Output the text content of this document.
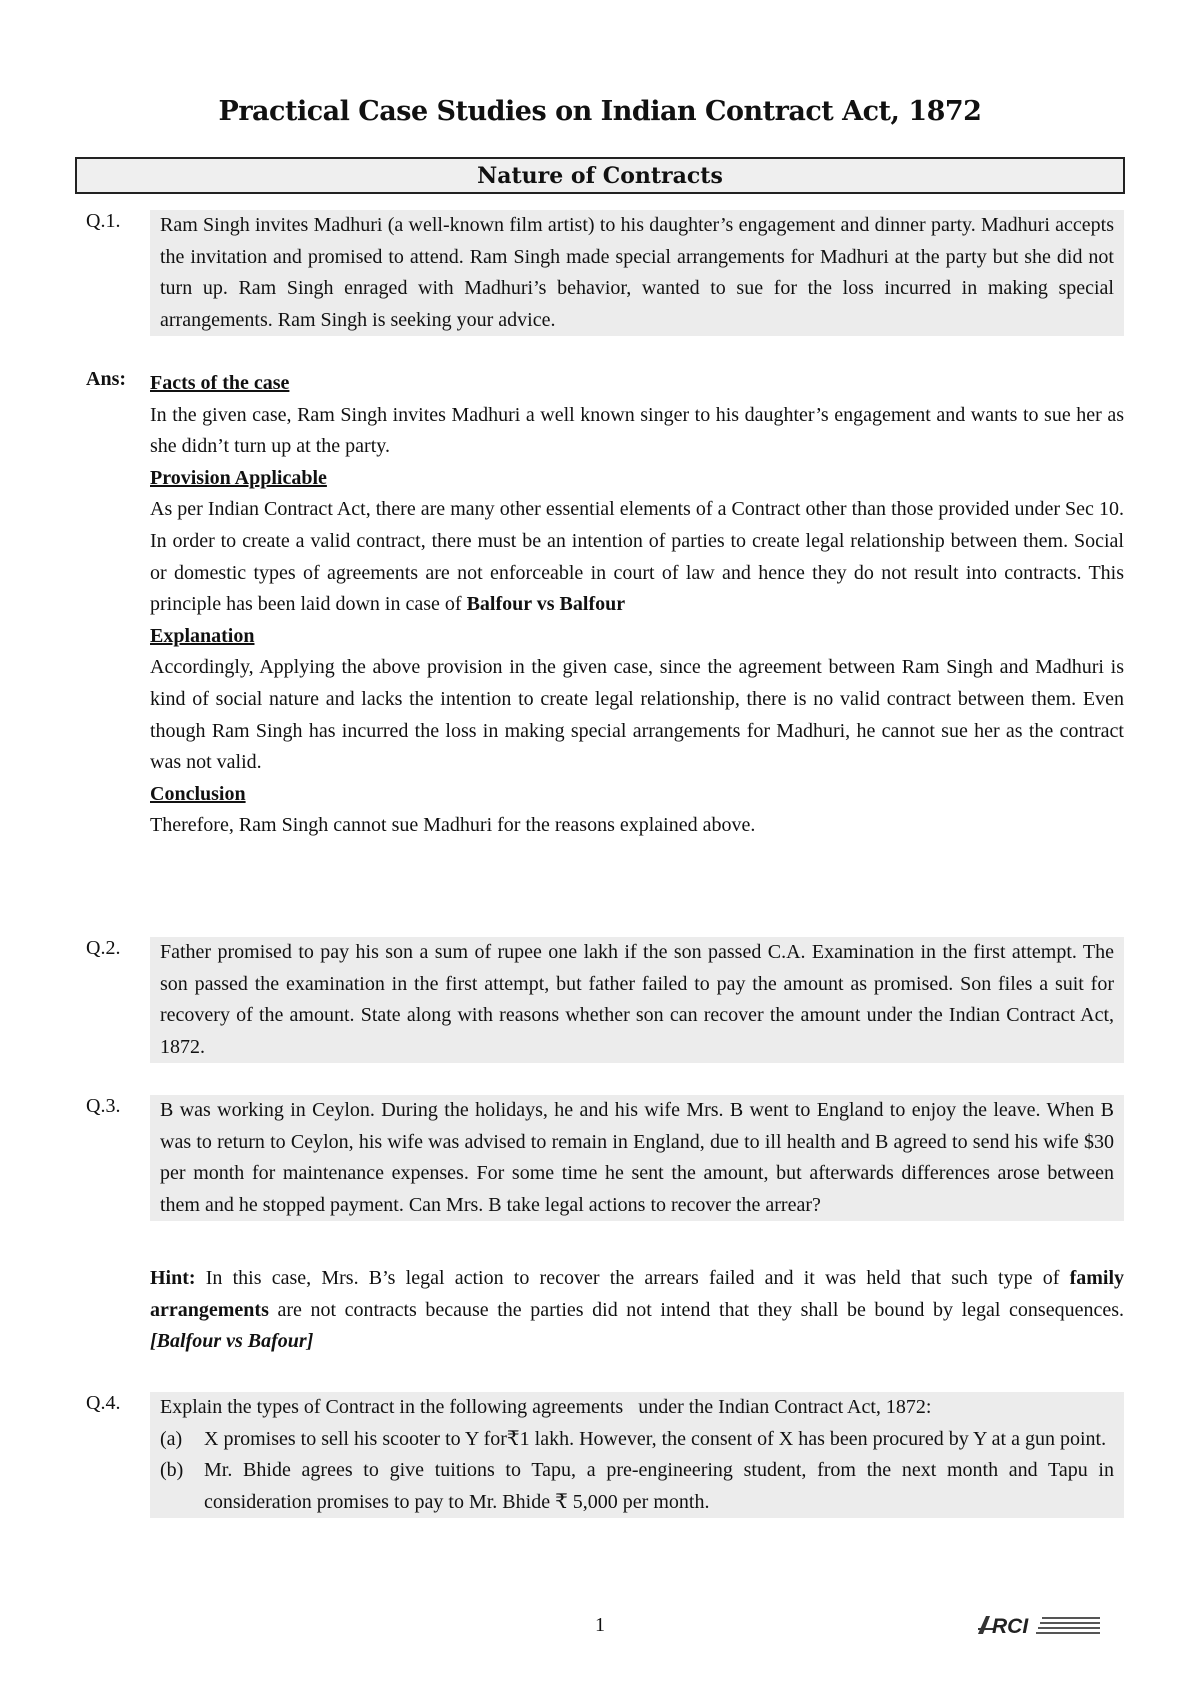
Practical Case Studies on Indian Contract Act, 1872
Nature of Contracts
Q.1. Ram Singh invites Madhuri (a well-known film artist) to his daughter’s engagement and dinner party. Madhuri accepts the invitation and promised to attend. Ram Singh made special arrangements for Madhuri at the party but she did not turn up. Ram Singh enraged with Madhuri’s behavior, wanted to sue for the loss incurred in making special arrangements. Ram Singh is seeking your advice.

Ans: Facts of the case

In the given case, Ram Singh invites Madhuri a well known singer to his daughter’s engagement and wants to sue her as she didn’t turn up at the party.

Provision Applicable

As per Indian Contract Act, there are many other essential elements of a Contract other than those provided under Sec 10. In order to create a valid contract, there must be an intention of parties to create legal relationship between them. Social or domestic types of agreements are not enforceable in court of law and hence they do not result into contracts. This principle has been laid down in case of Balfour vs Balfour

Explanation

Accordingly, Applying the above provision in the given case, since the agreement between Ram Singh and Madhuri is kind of social nature and lacks the intention to create legal relationship, there is no valid contract between them. Even though Ram Singh has incurred the loss in making special arrangements for Madhuri, he cannot sue her as the contract was not valid.

Conclusion

Therefore, Ram Singh cannot sue Madhuri for the reasons explained above.

Q.2. Father promised to pay his son a sum of rupee one lakh if the son passed C.A. Examination in the first attempt. The son passed the examination in the first attempt, but father failed to pay the amount as promised. Son files a suit for recovery of the amount. State along with reasons whether son can recover the amount under the Indian Contract Act, 1872.

Q.3. B was working in Ceylon. During the holidays, he and his wife Mrs. B went to England to enjoy the leave. When B was to return to Ceylon, his wife was advised to remain in England, due to ill health and B agreed to send his wife $30 per month for maintenance expenses. For some time he sent the amount, but afterwards differences arose between them and he stopped payment. Can Mrs. B take legal actions to recover the arrear?

Hint: In this case, Mrs. B’s legal action to recover the arrears failed and it was held that such type of family arrangements are not contracts because the parties did not intend that they shall be bound by legal consequences. [Balfour vs Bafour]

Q.4. Explain the types of Contract in the following agreements   under the Indian Contract Act, 1872:

(a)	X promises to sell his scooter to Y for₹1 lakh. However, the consent of X has been procured by Y at a gun point.
(b)	Mr. Bhide agrees to give tuitions to Tapu, a pre-engineering student, from the next month and Tapu in consideration promises to pay to Mr. Bhide ₹ 5,000 per month.
1	RCI
